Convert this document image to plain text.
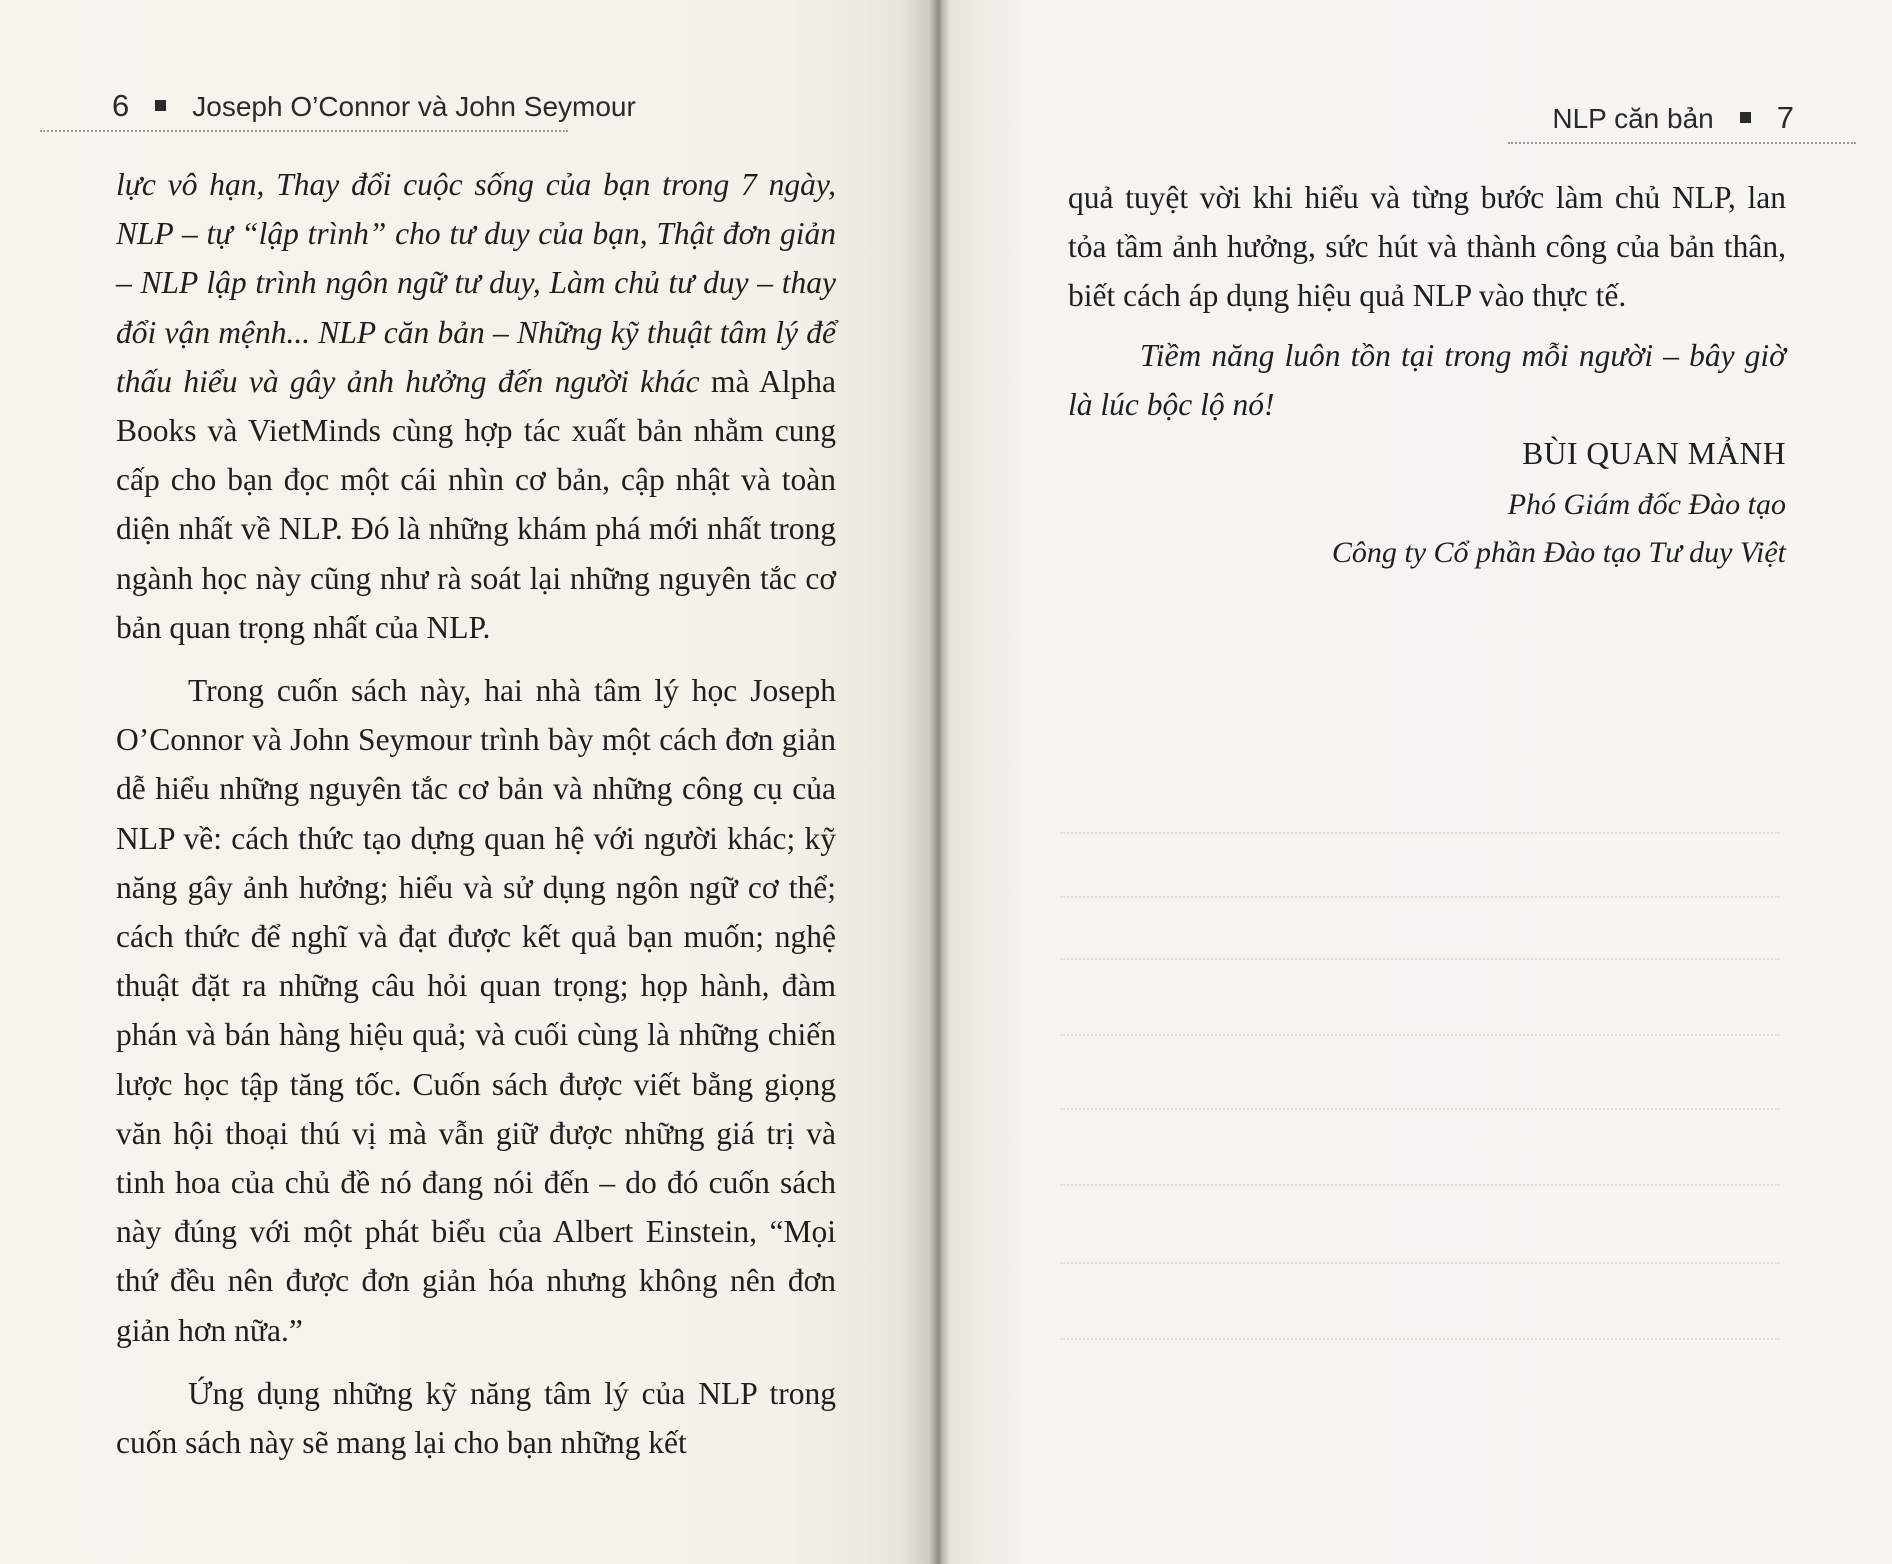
6 Joseph O’Connor và John Seymour

lực vô hạn, Thay đổi cuộc sống của bạn trong 7 ngày, NLP – tự “lập trình” cho tư duy của bạn, Thật đơn giản – NLP lập trình ngôn ngữ tư duy, Làm chủ tư duy – thay đổi vận mệnh... NLP căn bản – Những kỹ thuật tâm lý để thấu hiểu và gây ảnh hưởng đến người khác mà Alpha Books và VietMinds cùng hợp tác xuất bản nhằm cung cấp cho bạn đọc một cái nhìn cơ bản, cập nhật và toàn diện nhất về NLP. Đó là những khám phá mới nhất trong ngành học này cũng như rà soát lại những nguyên tắc cơ bản quan trọng nhất của NLP.

Trong cuốn sách này, hai nhà tâm lý học Joseph O’Connor và John Seymour trình bày một cách đơn giản dễ hiểu những nguyên tắc cơ bản và những công cụ của NLP về: cách thức tạo dựng quan hệ với người khác; kỹ năng gây ảnh hưởng; hiểu và sử dụng ngôn ngữ cơ thể; cách thức để nghĩ và đạt được kết quả bạn muốn; nghệ thuật đặt ra những câu hỏi quan trọng; họp hành, đàm phán và bán hàng hiệu quả; và cuối cùng là những chiến lược học tập tăng tốc. Cuốn sách được viết bằng giọng văn hội thoại thú vị mà vẫn giữ được những giá trị và tinh hoa của chủ đề nó đang nói đến – do đó cuốn sách này đúng với một phát biểu của Albert Einstein, “Mọi thứ đều nên được đơn giản hóa nhưng không nên đơn giản hơn nữa.”

Ứng dụng những kỹ năng tâm lý của NLP trong cuốn sách này sẽ mang lại cho bạn những kết

NLP căn bản 7

quả tuyệt vời khi hiểu và từng bước làm chủ NLP, lan tỏa tầm ảnh hưởng, sức hút và thành công của bản thân, biết cách áp dụng hiệu quả NLP vào thực tế.

Tiềm năng luôn tồn tại trong mỗi người – bây giờ là lúc bộc lộ nó!

BÙI QUAN MẢNH
Phó Giám đốc Đào tạo
Công ty Cổ phần Đào tạo Tư duy Việt
